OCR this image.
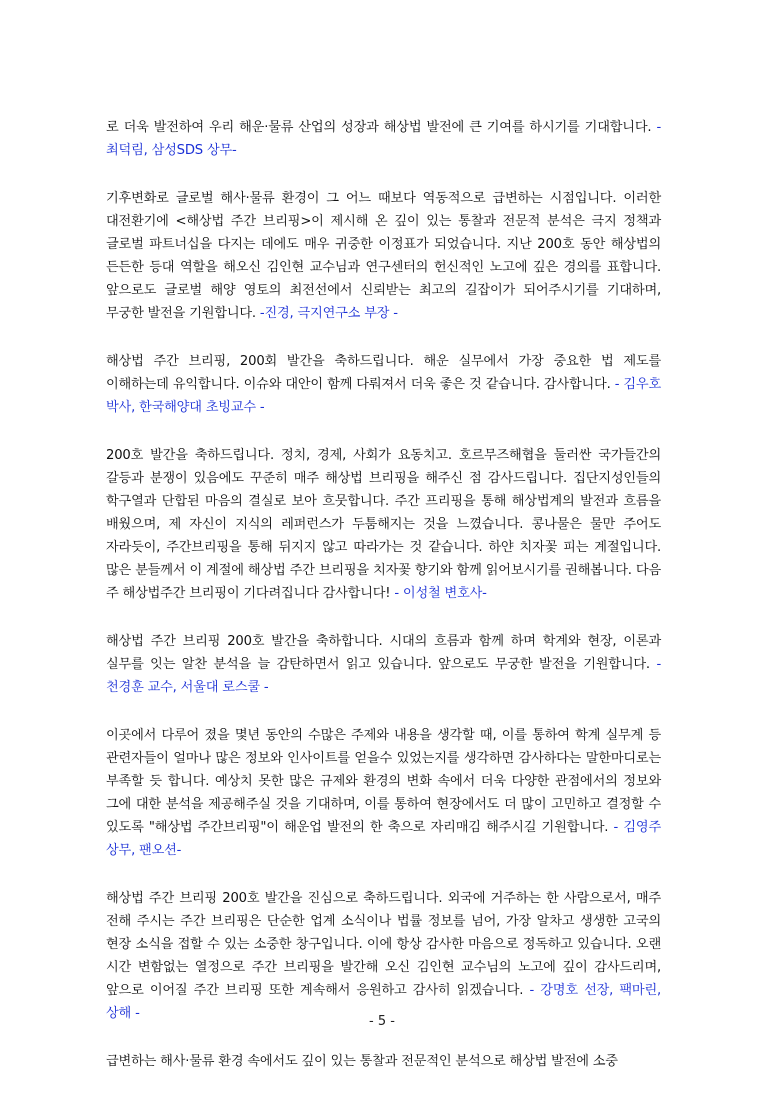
로 더욱 발전하여 우리 해운·물류 산업의 성장과 해상법 발전에 큰 기여를 하시기를 기대합니다. - 최덕림, 삼성SDS 상무-

기후변화로 글로벌 해사·물류 환경이 그 어느 때보다 역동적으로 급변하는 시점입니다. 이러한 대전환기에 <해상법 주간 브리핑>이 제시해 온 깊이 있는 통찰과 전문적 분석은 극지 정책과 글로벌 파트너십을 다지는 데에도 매우 귀중한 이정표가 되었습니다. 지난 200호 동안 해상법의 든든한 등대 역할을 해오신 김인현 교수님과 연구센터의 헌신적인 노고에 깊은 경의를 표합니다. 앞으로도 글로벌 해양 영토의 최전선에서 신뢰받는 최고의 길잡이가 되어주시기를 기대하며, 무궁한 발전을 기원합니다. -진경, 극지연구소 부장 -

해상법 주간 브리핑, 200회 발간을 축하드립니다. 해운 실무에서 가장 중요한 법 제도를 이해하는데 유익합니다. 이슈와 대안이 함께 다뤄져서 더욱 좋은 것 같습니다. 감사합니다. - 김우호 박사, 한국해양대 초빙교수 -

200호 발간을 축하드립니다. 정치, 경제, 사회가 요동치고. 호르무즈해협을 둘러싼 국가들간의 갈등과 분쟁이 있음에도 꾸준히 매주 해상법 브리핑을 해주신 점 감사드립니다. 집단지성인들의 학구열과 단합된 마음의 결실로 보아 흐뭇합니다. 주간 프리핑을 통해 해상법계의 발전과 흐름을 배웠으며, 제 자신이 지식의 레퍼런스가 두툼해지는 것을 느꼈습니다. 콩나물은 물만 주어도 자라듯이, 주간브리핑을 통해 뒤지지 않고 따라가는 것 같습니다. 하얀 치자꽃 피는 계절입니다. 많은 분들께서 이 계절에 해상법 주간 브리핑을 치자꽃 향기와 함께 읽어보시기를 권해봅니다. 다음 주 해상법주간 브리핑이 기다려집니다 감사합니다! - 이성철 변호사-

해상법 주간 브리핑 200호 발간을 축하합니다. 시대의 흐름과 함께 하며 학계와 현장, 이론과 실무를 잇는 알찬 분석을 늘 감탄하면서 읽고 있습니다. 앞으로도 무궁한 발전을 기원합니다. - 천경훈 교수, 서울대 로스쿨 -

이곳에서 다루어 졌을 몇년 동안의 수많은 주제와 내용을 생각할 때, 이를 통하여 학계 실무계 등 관련자들이 얼마나 많은 정보와 인사이트를 얻을수 있었는지를 생각하면 감사하다는 말한마디로는 부족할 듯 합니다. 예상치 못한 많은 규제와 환경의 변화 속에서 더욱 다양한 관점에서의 정보와 그에 대한 분석을 제공해주실 것을 기대하며, 이를 통하여 현장에서도 더 많이 고민하고 결정할 수 있도록 "해상법 주간브리핑"이 해운업 발전의 한 축으로 자리매김 해주시길 기원합니다. - 김영주 상무, 팬오션-

해상법 주간 브리핑 200호 발간을 진심으로 축하드립니다. 외국에 거주하는 한 사람으로서, 매주 전해 주시는 주간 브리핑은 단순한 업계 소식이나 법률 정보를 넘어, 가장 알차고 생생한 고국의 현장 소식을 접할 수 있는 소중한 창구입니다. 이에 항상 감사한 마음으로 정독하고 있습니다. 오랜 시간 변함없는 열정으로 주간 브리핑을 발간해 오신 김인현 교수님의 노고에 깊이 감사드리며, 앞으로 이어질 주간 브리핑 또한 계속해서 응원하고 감사히 읽겠습니다. - 강명호 선장, 팩마린, 상해 -

급변하는 해사·물류 환경 속에서도 깊이 있는 통찰과 전문적인 분석으로 해상법 발전에 소중

- 5 -
